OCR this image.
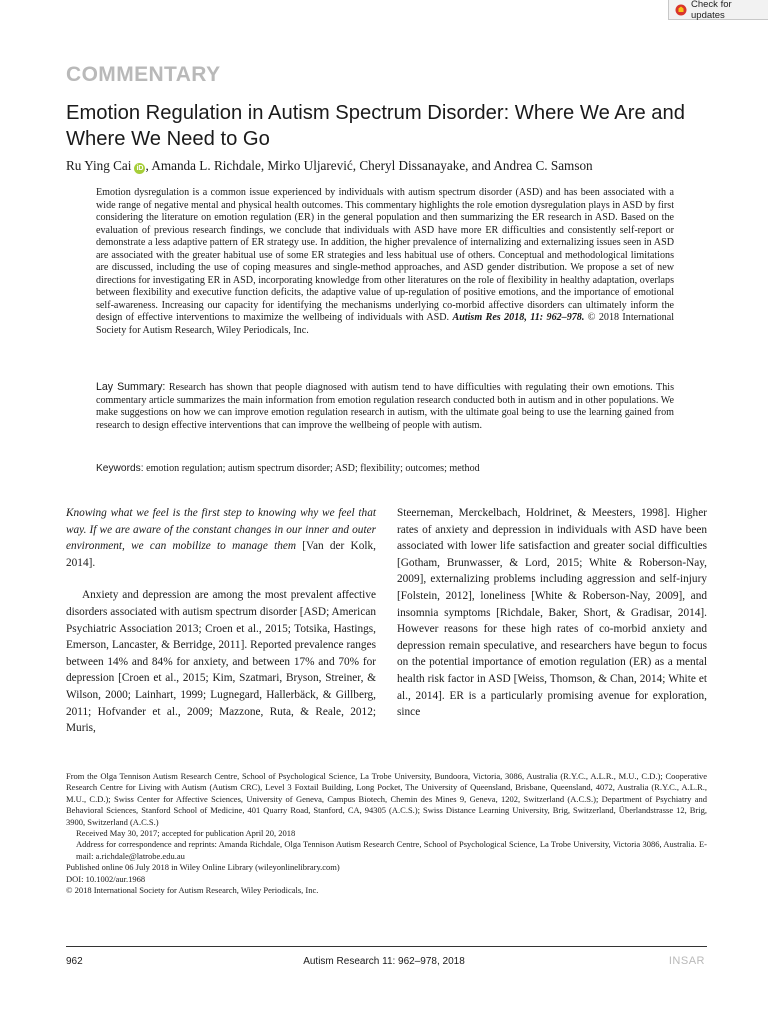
Check for updates
COMMENTARY
Emotion Regulation in Autism Spectrum Disorder: Where We Are and Where We Need to Go
Ru Ying Cai iD , Amanda L. Richdale, Mirko Uljarević, Cheryl Dissanayake, and Andrea C. Samson
Emotion dysregulation is a common issue experienced by individuals with autism spectrum disorder (ASD) and has been associated with a wide range of negative mental and physical health outcomes. This commentary highlights the role emotion dysregulation plays in ASD by first considering the literature on emotion regulation (ER) in the general population and then summarizing the ER research in ASD. Based on the evaluation of previous research findings, we conclude that individuals with ASD have more ER difficulties and consistently self-report or demonstrate a less adaptive pattern of ER strategy use. In addition, the higher prevalence of internalizing and externalizing issues seen in ASD are associated with the greater habitual use of some ER strategies and less habitual use of others. Conceptual and methodological limitations are discussed, including the use of coping measures and single-method approaches, and ASD gender distribution. We propose a set of new directions for investigating ER in ASD, incorporating knowledge from other literatures on the role of flexibility in healthy adaptation, overlaps between flexibility and executive function deficits, the adaptive value of up-regulation of positive emotions, and the importance of emotional self-awareness. Increasing our capacity for identifying the mechanisms underlying co-morbid affective disorders can ultimately inform the design of effective interventions to maximize the wellbeing of individuals with ASD. Autism Res 2018, 11: 962–978. © 2018 International Society for Autism Research, Wiley Periodicals, Inc.
Lay Summary: Research has shown that people diagnosed with autism tend to have difficulties with regulating their own emotions. This commentary article summarizes the main information from emotion regulation research conducted both in autism and in other populations. We make suggestions on how we can improve emotion regulation research in autism, with the ultimate goal being to use the learning gained from research to design effective interventions that can improve the wellbeing of people with autism.
Keywords: emotion regulation; autism spectrum disorder; ASD; flexibility; outcomes; method

Knowing what we feel is the first step to knowing why we feel that way. If we are aware of the constant changes in our inner and outer environment, we can mobilize to manage them [Van der Kolk, 2014].

Anxiety and depression are among the most prevalent affective disorders associated with autism spectrum disorder [ASD; American Psychiatric Association 2013; Croen et al., 2015; Totsika, Hastings, Emerson, Lancaster, & Berridge, 2011]. Reported prevalence ranges between 14% and 84% for anxiety, and between 17% and 70% for depression [Croen et al., 2015; Kim, Szatmari, Bryson, Streiner, & Wilson, 2000; Lainhart, 1999; Lugnegard, Hallerbäck, & Gillberg, 2011; Hofvander et al., 2009; Mazzone, Ruta, & Reale, 2012; Muris,

Steerneman, Merckelbach, Holdrinet, & Meesters, 1998]. Higher rates of anxiety and depression in individuals with ASD have been associated with lower life satisfaction and greater social difficulties [Gotham, Brunwasser, & Lord, 2015; White & Roberson-Nay, 2009], externalizing problems including aggression and self-injury [Folstein, 2012], loneliness [White & Roberson-Nay, 2009], and insomnia symptoms [Richdale, Baker, Short, & Gradisar, 2014]. However reasons for these high rates of co-morbid anxiety and depression remain speculative, and researchers have begun to focus on the potential importance of emotion regulation (ER) as a mental health risk factor in ASD [Weiss, Thomson, & Chan, 2014; White et al., 2014]. ER is a particularly promising avenue for exploration, since

From the Olga Tennison Autism Research Centre, School of Psychological Science, La Trobe University, Bundoora, Victoria, 3086, Australia (R.Y.C., A.L.R., M.U., C.D.); Cooperative Research Centre for Living with Autism (Autism CRC), Level 3 Foxtail Building, Long Pocket, The University of Queensland, Brisbane, Queensland, 4072, Australia (R.Y.C., A.L.R., M.U., C.D.); Swiss Center for Affective Sciences, University of Geneva, Campus Biotech, Chemin des Mines 9, Geneva, 1202, Switzerland (A.C.S.); Department of Psychiatry and Behavioral Sciences, Stanford School of Medicine, 401 Quarry Road, Stanford, CA, 94305 (A.C.S.); Swiss Distance Learning University, Brig, Switzerland, Überlandstrasse 12, Brig, 3900, Switzerland (A.C.S.)

Received May 30, 2017; accepted for publication April 20, 2018

Address for correspondence and reprints: Amanda Richdale, Olga Tennison Autism Research Centre, School of Psychological Science, La Trobe University, Victoria 3086, Australia. E-mail: a.richdale@latrobe.edu.au

Published online 06 July 2018 in Wiley Online Library (wileyonlinelibrary.com)

DOI: 10.1002/aur.1968

© 2018 International Society for Autism Research, Wiley Periodicals, Inc.

962	Autism Research 11: 962–978, 2018	INSAR
